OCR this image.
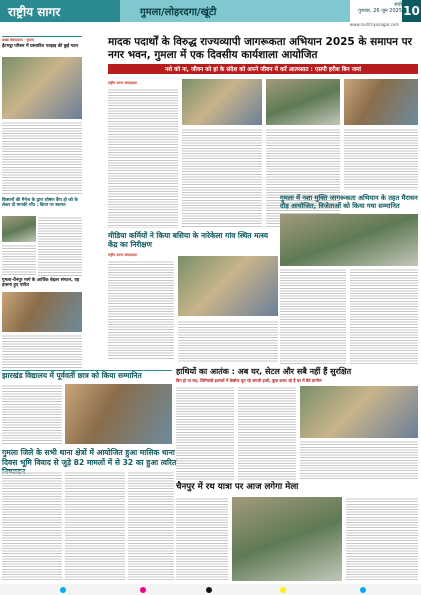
राष्ट्रीय सागर	गुमला/लोहरदगा/खूंटी
रांची
गुरुवार, 26 जून 2025 10
www.rashtriyasagar.com
प्रखंड संवाददाता · गुमला
ईंटभट्ठा परिसर में प्रस्तावित पतझड़ की छुई गठन
किसानों की मैनेज के द्वारा शोषण कैंप हो को के लेकर दी मानकी गाँव : किया पर स्वागत
गुमला-चैनपुर मार्ग के आर्थिक बेहतर संगठन, यह हासना हुए पारित
मादक पदार्थों के विरुद्ध राज्यव्यापी जागरूकता अभियान 2025 के समापन पर नगर भवन, गुमला में एक दिवसीय कार्यशाला आयोजित
नशे को ना, जीवन को हां के संदेश को अपने जीवन में करें आत्मसात : एसपी हरीश बिन जमां
राष्ट्रीय सागर संवाददाता
मीडिया कर्मियों ने किया बसिया के नारेकेला गांव स्थित मत्स्य केंद्र का निरीक्षण
राष्ट्रीय सागर संवाददाता
गुमला में नशा मुक्ति जागरूकता अभियान के तहत मैराथन दौड़ आयोजित, विजेताओं को किया गया सम्मानित
झारखंड विद्यालय में पूर्ववर्ती छात्र को किया सम्मानित	हाथियों का आतंक : अब घर, सेटल और सबै नहीं हैं सुरक्षित
बिन हो या रात, जिरिमांडी इलाकों में बेखौफ घूम रहे जंगली हाथी, कुछ करार रहे हैं घर में बैठे ग्रामीण
गुमला जिले के सभी थाना क्षेत्रों में आयोजित हुआ मासिक थाना दिवस भूमि विवाद से जुड़े 82 मामलों में से 32 का हुआ त्वरित
चैनपुर में रथ यात्रा पर आज लगेगा मेला
